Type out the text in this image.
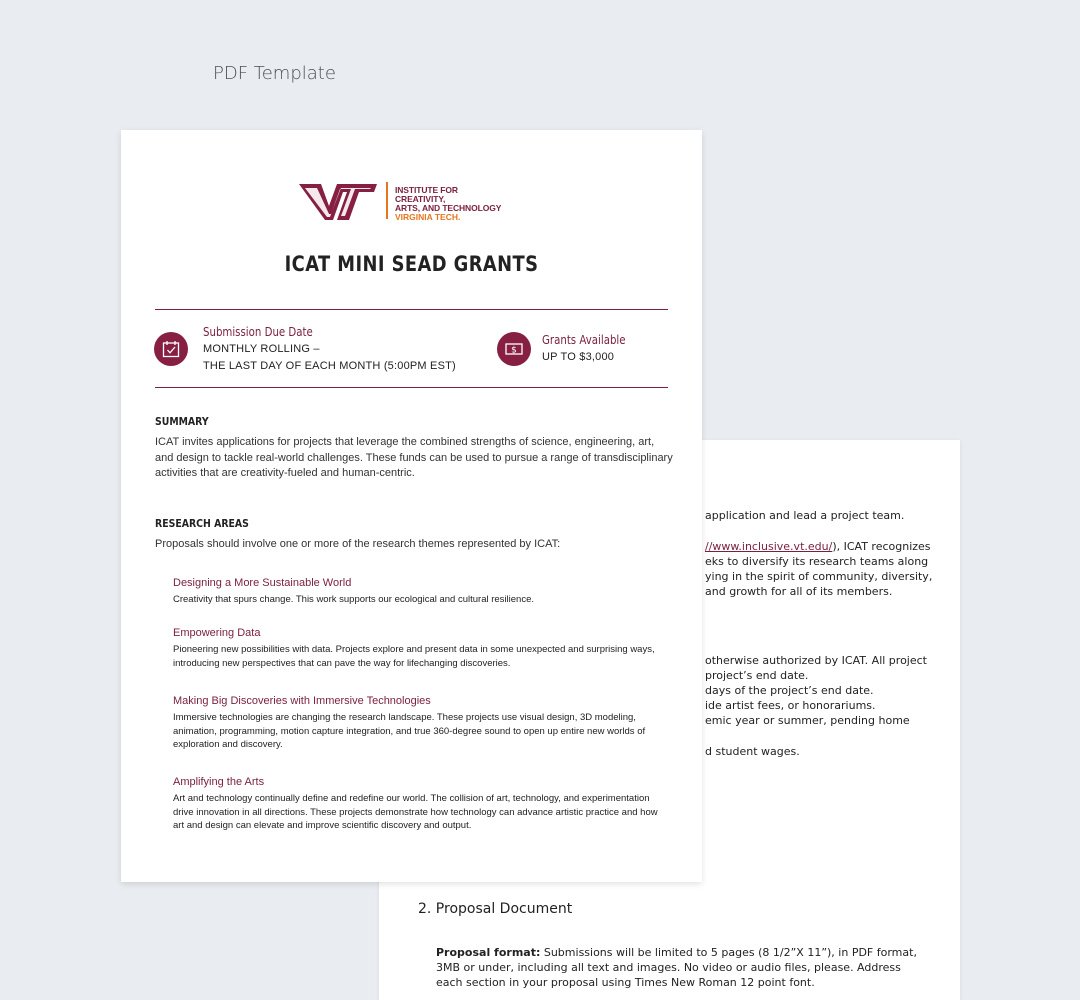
PDF Template
application and lead a project team.
//www.inclusive.vt.edu/), ICAT recognizes
eks to diversify its research teams along
ying in the spirit of community, diversity,
and growth for all of its members.
otherwise authorized by ICAT. All project
project’s end date.
days of the project’s end date.
ide artist fees, or honorariums.
emic year or summer, pending home
d student wages.
2. Proposal Document
Proposal format: Submissions will be limited to 5 pages (8 1/2”X 11”), in PDF format, 3MB or under, including all text and images. No video or audio files, please. Address each section in your proposal using Times New Roman 12 point font.
INSTITUTE FOR CREATIVITY,
ARTS, AND TECHNOLOGY
VIRGINIA TECH.
ICAT MINI SEAD GRANTS
Submission Due Date
MONTHLY ROLLING –
THE LAST DAY OF EACH MONTH (5:00PM EST)
$
Grants Available
UP TO $3,000
SUMMARY
ICAT invites applications for projects that leverage the combined strengths of science, engineering, art, and design to tackle real-world challenges. These funds can be used to pursue a range of transdisciplinary activities that are creativity-fueled and human-centric.
RESEARCH AREAS
Proposals should involve one or more of the research themes represented by ICAT:
Designing a More Sustainable World
Creativity that spurs change. This work supports our ecological and cultural resilience.
Empowering Data
Pioneering new possibilities with data. Projects explore and present data in some unexpected and surprising ways, introducing new perspectives that can pave the way for lifechanging discoveries.
Making Big Discoveries with Immersive Technologies
Immersive technologies are changing the research landscape. These projects use visual design, 3D modeling, animation, programming, motion capture integration, and true 360-degree sound to open up entire new worlds of exploration and discovery.
Amplifying the Arts
Art and technology continually define and redefine our world. The collision of art, technology, and experimentation drive innovation in all directions. These projects demonstrate how technology can advance artistic practice and how art and design can elevate and improve scientific discovery and output.
